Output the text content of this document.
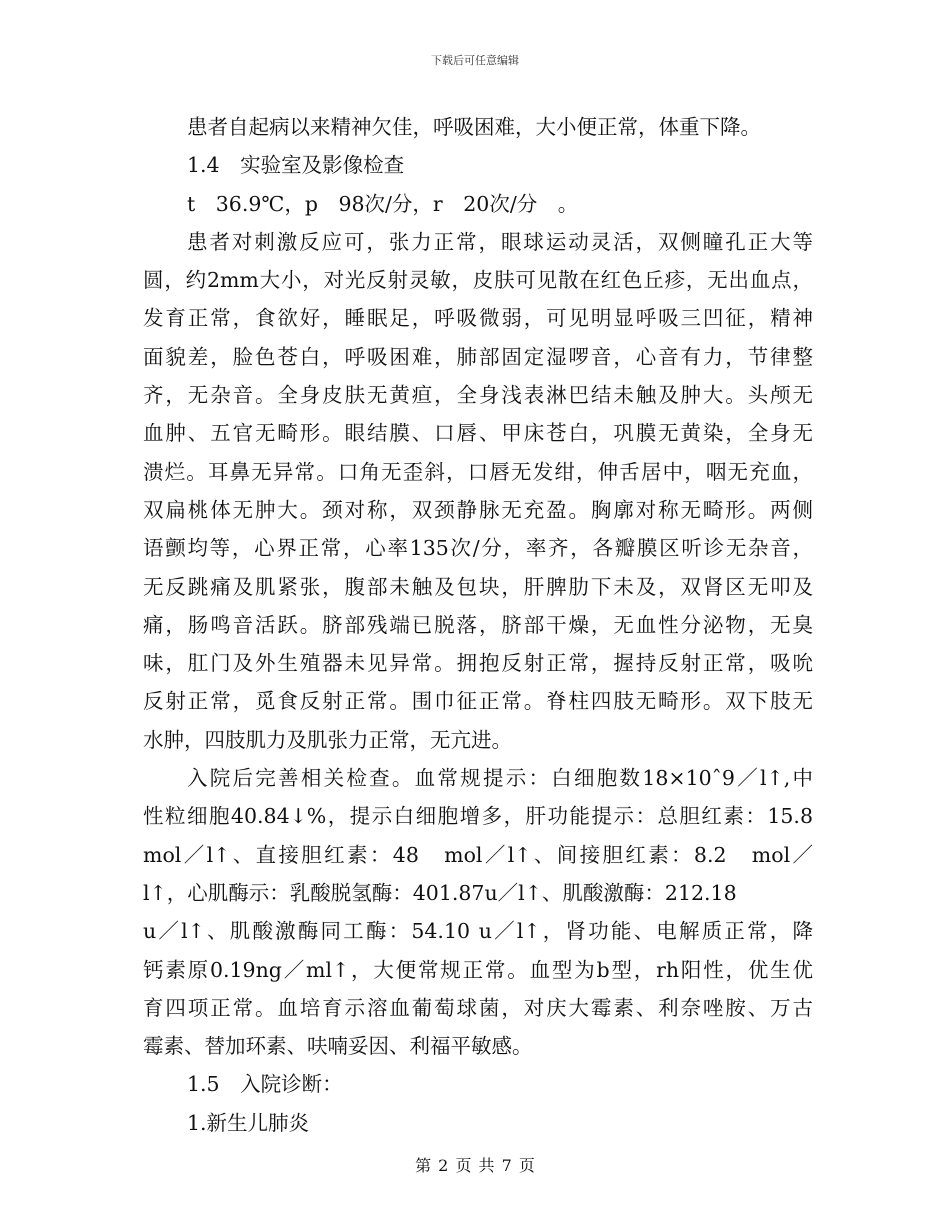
下载后可任意编辑
患者自起病以来精神欠佳，呼吸困难，大小便正常，体重下降。
1.4　实验室及影像检查
t　36.9℃，p　98次/分，r　20次/分　。
患者对刺激反应可，张力正常，眼球运动灵活，双侧瞳孔正大等
圆，约2mm大小，对光反射灵敏，皮肤可见散在红色丘疹，无出血点，
发育正常，食欲好，睡眠足，呼吸微弱，可见明显呼吸三凹征，精神
面貌差，脸色苍白，呼吸困难，肺部固定湿啰音，心音有力，节律整
齐，无杂音。全身皮肤无黄疸，全身浅表淋巴结未触及肿大。头颅无
血肿、五官无畸形。眼结膜、口唇、甲床苍白，巩膜无黄染，全身无
溃烂。耳鼻无异常。口角无歪斜，口唇无发绀，伸舌居中，咽无充血，
双扁桃体无肿大。颈对称，双颈静脉无充盈。胸廓对称无畸形。两侧
语颤均等，心界正常，心率135次/分，率齐，各瓣膜区听诊无杂音，
无反跳痛及肌紧张，腹部未触及包块，肝脾肋下未及，双肾区无叩及
痛，肠鸣音活跃。脐部残端已脱落，脐部干燥，无血性分泌物，无臭
味，肛门及外生殖器未见异常。拥抱反射正常，握持反射正常，吸吮
反射正常，觅食反射正常。围巾征正常。脊柱四肢无畸形。双下肢无
水肿，四肢肌力及肌张力正常，无亢进。
入院后完善相关检查。血常规提示：白细胞数18×10ˆ9／l↑,中
性粒细胞40.84↓%，提示白细胞增多，肝功能提示：总胆红素：15.8
mol／l↑、直接胆红素：48　mol／l↑、间接胆红素：8.2　mol／
l↑，心肌酶示：乳酸脱氢酶：401.87u／l↑、肌酸激酶：212.18
u／l↑、肌酸激酶同工酶：54.10 u／l↑，肾功能、电解质正常，降
钙素原0.19ng／ml↑，大便常规正常。血型为b型，rh阳性，优生优
育四项正常。血培育示溶血葡萄球菌，对庆大霉素、利奈唑胺、万古
霉素、替加环素、呋喃妥因、利福平敏感。
1.5　入院诊断：
1.新生儿肺炎
第 2 页 共 7 页
